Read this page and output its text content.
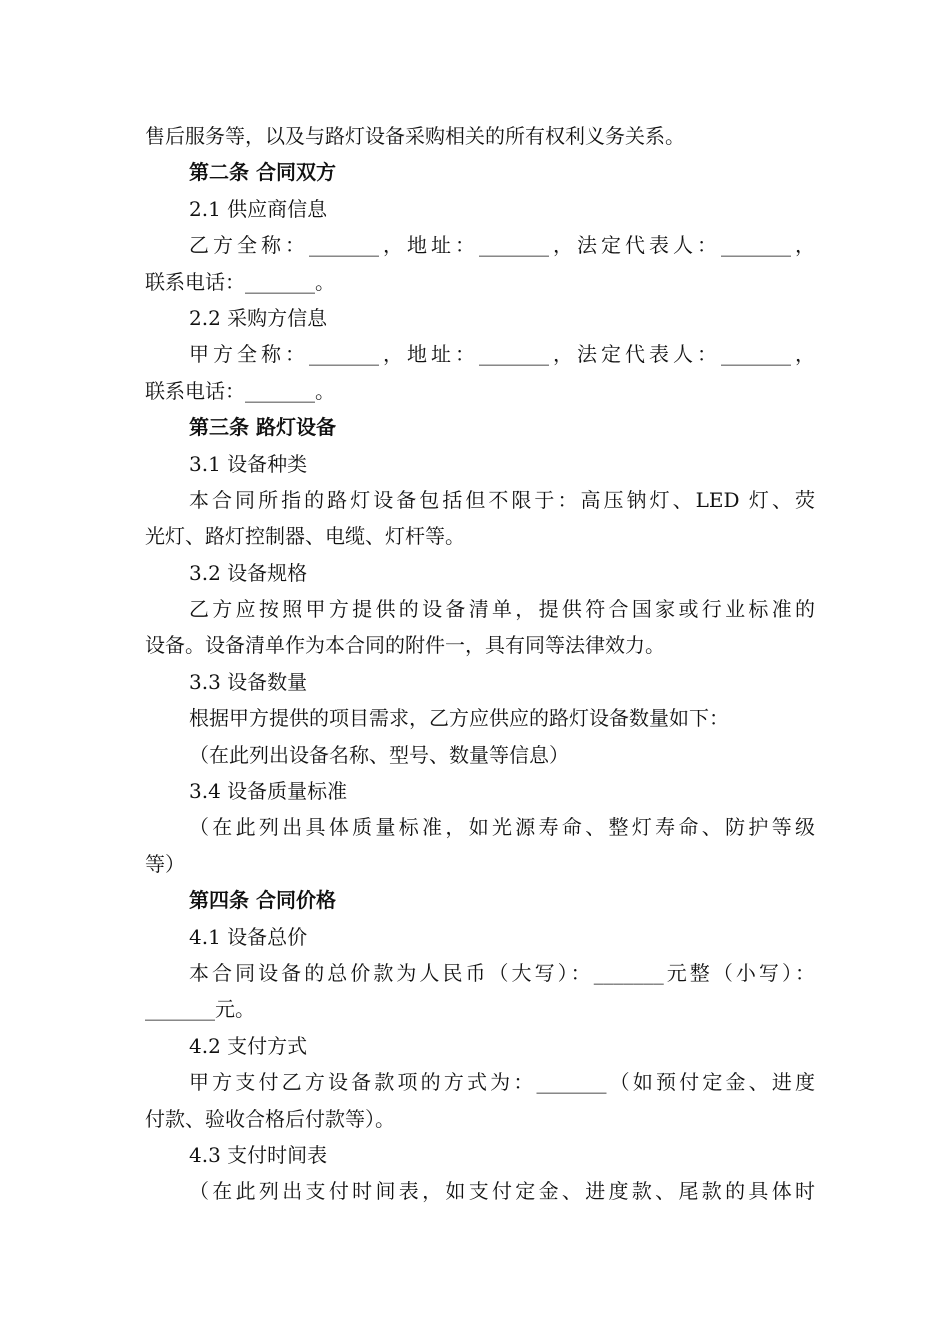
售后服务等，以及与路灯设备采购相关的所有权利义务关系。
第二条 合同双方
2.1 供应商信息
乙方全称：_______，地址：_______，法定代表人：_______，
联系电话：_______。
2.2 采购方信息
甲方全称：_______，地址：_______，法定代表人：_______，
联系电话：_______。
第三条 路灯设备
3.1 设备种类
本合同所指的路灯设备包括但不限于：高压钠灯、LED 灯、荧
光灯、路灯控制器、电缆、灯杆等。
3.2 设备规格
乙方应按照甲方提供的设备清单，提供符合国家或行业标准的
设备。设备清单作为本合同的附件一，具有同等法律效力。
3.3 设备数量
根据甲方提供的项目需求，乙方应供应的路灯设备数量如下：
（在此列出设备名称、型号、数量等信息）
3.4 设备质量标准
（在此列出具体质量标准，如光源寿命、整灯寿命、防护等级
等）
第四条 合同价格
4.1 设备总价
本合同设备的总价款为人民币（大写）：_______元整（小写）：
_______元。
4.2 支付方式
甲方支付乙方设备款项的方式为：_______（如预付定金、进度
付款、验收合格后付款等）。
4.3 支付时间表
（在此列出支付时间表，如支付定金、进度款、尾款的具体时
